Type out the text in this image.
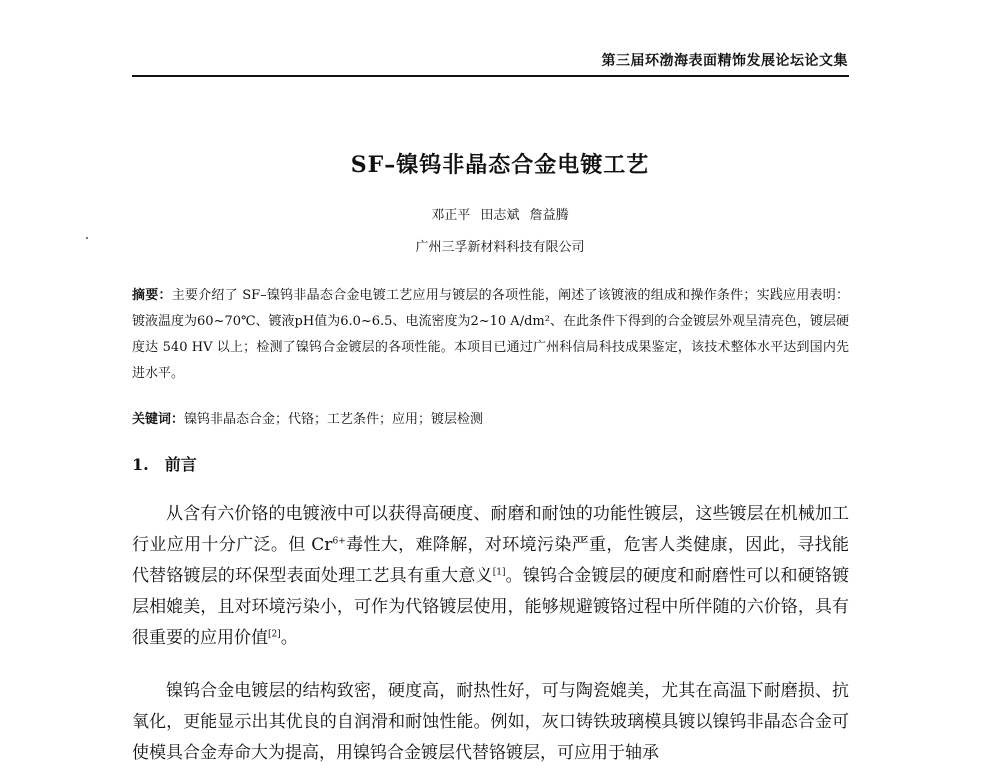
第三届环渤海表面精饰发展论坛论文集
SF–镍钨非晶态合金电镀工艺
邓正平 田志斌 詹益腾
广州三孚新材料科技有限公司
摘要：主要介绍了 SF–镍钨非晶态合金电镀工艺应用与镀层的各项性能，阐述了该镀液的组成和操作条件；实践应用表明：镀液温度为60~70℃、镀液pH值为6.0~6.5、电流密度为2~10 A/dm²、在此条件下得到的合金镀层外观呈清亮色，镀层硬度达 540 HV 以上；检测了镍钨合金镀层的各项性能。本项目已通过广州科信局科技成果鉴定，该技术整体水平达到国内先进水平。
关键词：镍钨非晶态合金；代铬；工艺条件；应用；镀层检测
1. 前言
从含有六价铬的电镀液中可以获得高硬度、耐磨和耐蚀的功能性镀层，这些镀层在机械加工行业应用十分广泛。但 $Cr^{6+}$毒性大，难降解，对环境污染严重，危害人类健康，因此，寻找能代替铬镀层的环保型表面处理工艺具有重大意义[1]。镍钨合金镀层的硬度和耐磨性可以和硬铬镀层相媲美，且对环境污染小，可作为代铬镀层使用，能够规避镀铬过程中所伴随的六价铬，具有很重要的应用价值[2]。
镍钨合金电镀层的结构致密，硬度高，耐热性好，可与陶瓷媲美，尤其在高温下耐磨损、抗氧化，更能显示出其优良的自润滑和耐蚀性能。例如，灰口铸铁玻璃模具镀以镍钨非晶态合金可使模具合金寿命大为提高，用镍钨合金镀层代替铬镀层，可应用于轴承
